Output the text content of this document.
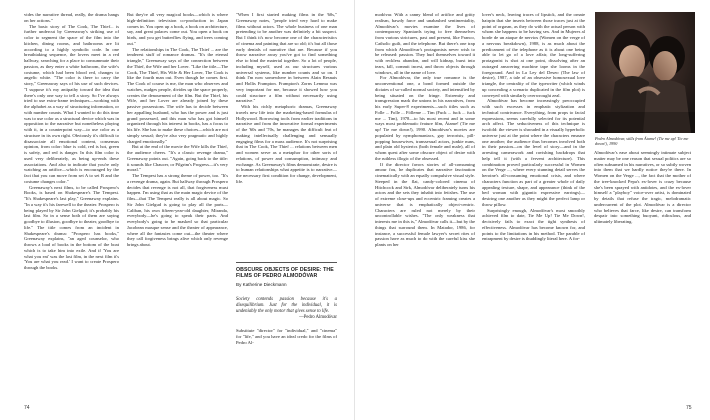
vides the narrative thread, really, the drama hangs on her actions."

The basic story of The Cook, The Thief... is further undercut by Greenaway's striking use of color to segment the space of the film into the kitchen, dining rooms, and bathrooms are lit according to a highly symbolic code. In one breathtaking sequence, the lovers meet in a red hallway, searching for a place to consummate their passion, as they enter a white bathroom, the wife's costume, which had been blood red, changes to angelic white. "The color is there to carry the story," Greenaway says of his use of such devices. "I suppose it's my antipathy toward the idea that there's only one way to tell a story. So I've always tried to use extra-frame techniques—working with the alphabet as a way of structuring information, or with number counts. What I wanted to do this time was to use color as a structural device which was in opposition to the narrative but nonetheless playing with it, in a counterpoint way—to use color as a structure in its own right. Obviously it's difficult to disassociate all emotional content, consensus opinion, from color: blue is cold, red is hot, green is safety, and red is danger. In this film color is used very deliberately, as being up-ends these associations. And also to indicate that you're only watching an artifice—which is encouraged by the fact that you can move from set A to set B and the costume changes color."

Greenaway's next films, to be called Prospero's Books, is based on Shakespeare's The Tempest. "It's Shakespeare's last play," Greenaway explains. "In a way it's his farewell to the theater. Prospero is being played by Sir John Gielgud; it's probably his last film. So in a sense both of them are saying goodbye to illusion, goodbye to theater, goodbye to life." The title comes from an incident in Shakespeare's drama: "Prospero has books," Greenaway explains, "an aged counselor, who throws a load of books in the bottom of the boat which is to take him into exile. And if 'You are what you eat' was the last film, in the next film it's 'You are what you read.' I want to create Prospero through the books.

But they're all very magical books—which is where high-definition television co-production in Japan comes in. You open up a book, a book on architecture, say, and great palaces come out. You open a book on birds, and you get butterflies flying, and trees coming out."

The relationships in The Cook, The Thief ... are the tenderest stuff of romance dramas. "It's the eternal triangle," Greenaway says of the connection between the Thief, the Wife and her Lover. "Like the title—The Cook, The Thief, His Wife & Her Lover, The Cook is like the fourth man out. Even though he comes first. The Cook of course is me, the man who observes and watches, nudges people, divides up the space properly, creates the denouement of the film. But the Thief, his Wife, and her Lover are already joined by these passive possessions. The wife has to decide between her appalling husband, who has the power and is just grand possessed, and this man who has got himself organized through his interest in books, has a focus to his life. She has to make these choices—which are not simply sexual; they're also very pragmatic and highly charged emotionally."

But at the end of the movie the Wife kills the Thief, the audience cheers. "It's a classic revenge drama," Greenaway points out. "Again, going back to the title: it sounds like Chaucer, or Pilgrim's Progress—it's very moral."

The Tempest has a strong theme of power, too. "It's a revenge drama, again. But halfway through Prospero decides that revenge is not all, that forgiveness must happen. I'm using that as the main magic device of the film—that The Tempest really is all about magic. So Sir John Gielgud is going to play all the parts—Caliban, his own fifteen-year-old daughter, Miranda, everybody—he's going to speak their parts. And everybody's going to be masked so that particular Jacobean masque sense and the theater of appearance, where all the fantasies come out—the theater where they call forgiveness brings alive which only revenge brings about.

"When I first started making films in the '60s," Greenaway notes, "people tried very hard to make films without actors. The whole business of one man pretending to be another was definitely a bit suspect. But I think it's now become one of the characteristics of cinema and painting that are so old; it's but all those early denials of narrative that are. Because if you throw narrative away you've got to find something else to bind the material together. So a lot of people, including myself, used as our structures various universal systems, like number counts and so on. I think I'm now somewhere in between Alain Resnais and Hollis Frampton. Frampton's Zorns Lemma was very important for me, because it showed how you could structure a film without necessarily using narrative."

With his richly metaphoric dramas, Greenaway travels new life into the marketing-based formulas of Hollywood. Borrowing tools from earlier traditions in narrative and from the innovative formal experiments of the '60s and '70s, he manages the difficult feat of making intellectually challenging and sensually engaging films for a mass audience. It's not surprising that in The Cook, The Thief ... relations between men and women serve as a metaphor for other sorts of relations, of power and consumption, intimacy and exchange. As Greenaway's films demonstrate, desire is to human relationships what appetite is to narrative—the necessary first condition for change, development, life.

OBSCURE OBJECTS OF DESIRE: THE FILMS OF PEDRO ALMODÓVAR
By Katherine Dieckmann
Society contends passion because it's a disequilibrium. Just for the individual, it is undeniably the only motor that gives sense to life.
—Pedro Almodóvar

Substitute "director" for "individual," and "cinema" for "life," and you have an ideal credo for the films of Pedro Al-

74

modóvar. With a canny blend of artifice and gritty realism, bawdy farce and unabashed sentimentality, Almodóvar's movies examine the lives of contemporary Spaniards trying to free themselves from various strictures, past and present, like Franco, Catholic guilt, and the telephone. But there's one trap from which Almodóvar's protagonists never wish to be released: passion. They hurl themselves toward it with reckless abandon, and will kidnap, burst into tears, kill, commit incest, and throw objects through windows, all in the name of love.

For Almodóvar, the only true romance is the unconventional one, a bond formed outside the dictates of so-called normal society, and intensified by being situated on the fringe. Extremity and transgression mark the unions in his narratives, from his early Super-8 experiments—such titles such as Folle ... Folle ... Fólleme ... Tim (Fuck ... fuck ... fuck me ... Tim), 1978—to his most recent and in some ways most problematic feature film, Átame! (Tie me up! Tie me down!), 1990. Almodóvar's movies are populated by nymphomaniacs, gay terrorists, pill-popping housewives, transsexual actors, junkie nuns, and plain old hysterics (both female and male), all of whom quest after some obscure object of desire with the ruthless illogic of the obsessed.

If the director favors stories of all-consuming amour fou, he duplicates that narrative fascination cinematically with an equally compulsive visual style. Steeped in the flat, candy-colored cinema of Hitchcock and Sirk, Almodóvar deliberately turns his actors and the sets they inhabit into fetishes. The use of extreme close-ups and eccentric framing creates a universe that is emphatically object-centric. Characters are ruled not merely by their uncontrollable wishes. "The only weakness that interests me in this is," Almodóvar calls it—but by the things that surround them. In Matador, 1986, for instance, a successful female lawyer's secret rites of passion have as much to do with the careful kiss she plants on her

lover's neck, leaving traces of lipstick, and the ornate hairpin that she inserts between those traces just at the point of orgasm, as they do with the actual person with whom she happens to be having sex. And in Mujeres al borde de un ataque de nervios (Women on the verge of a nervous breakdown), 1988, is as much about the predicament of the telephone as it is about one being able to let go of a love affair, the long-suffering protagonist is shot at one point, dissolving after an outraged answering machine tape she looms in the foreground. And in La Ley del Deseo (The law of desire), 1987, a tale of an obsessive homosexual love triangle, the centrality of the typewriter (which winds up concealing a scenario duplicated in the film plot) is conveyed with similarly overwrought zeal.

Almodóvar has become increasingly preoccupied with such excesses in emphatic stylization and technical contrivance. Everything, from props to facial expressions, seems carefully selected for its potential arch affect. The seductiveness of this technique is twofold: the viewer is shrouded in a visually hyperbolic universe just at the point where the characters ensnare one another; the audience thus becomes involved both in their passion—on the level of story—and in the arresting camerawork and ravishing backdrops that help tell it (with a fervent architecture). This combination proved particularly successful in Women on the Verge ..., where every stunning detail serves the heroine's all-consuming emotional crisis, and where characters function as part of a greater whole of daily appealing texture, shape, and appearance (think of the bed woman with gigantic expressive earrings)—desiring one another as they might the perfect lamp or throw pillow.

Surprisingly enough, Almodóvar's most smoothly achieved film to date, Tie Me Up! Tie Me Down!, decisively fails to exact the tight synthesis of effectiveness. Almodóvar has become known for, and points to the limitations in his method. The parable of entrapment by desire is thuddingly literal here. A for-

Almodóvar's ease about seemingly intimate subject matter may be one reason that sexual politics are so often subsumed in his narratives, or so subtly woven into them that we hardly notice they're there. In Women on the Verge ..., the fact that the mother of the tree-knocked Pepa's ex-lover is crazy because she's been sprayed with antidotes, and the ex-lover himself a "playboy" voice-over artist, is dominated by details that refuse the tragic, melodramatic undercurrent of the plot. Almodóvar is a director who believes that farce, like desire, can transform despair into something buoyant, ridiculous, and ultimately liberating.

Pedro Almodóvar, stills from Átame! (Tie me up! Tie me down!), 1990
75
